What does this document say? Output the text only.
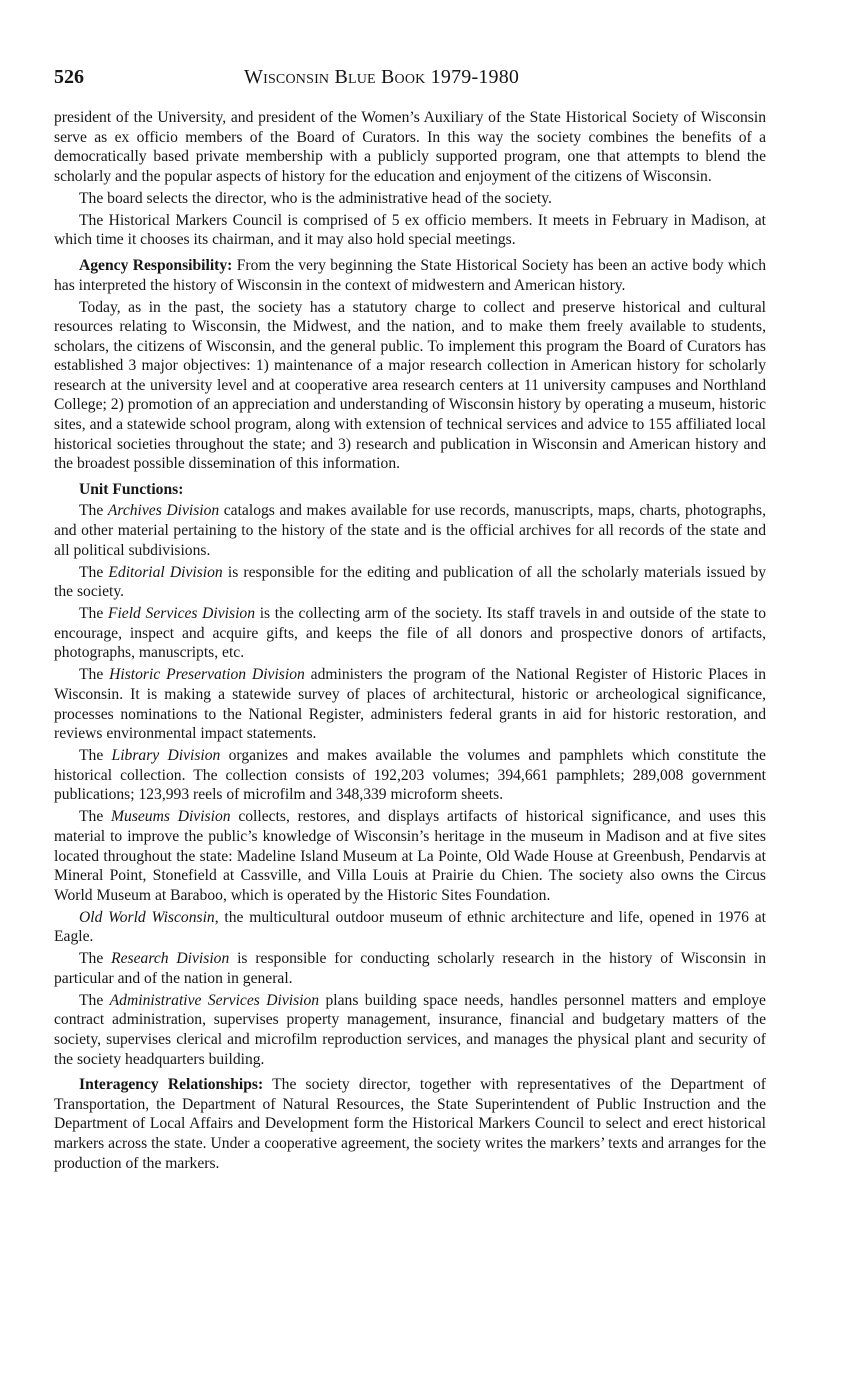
526	Wisconsin Blue Book 1979-1980

president of the University, and president of the Women’s Auxiliary of the State Historical Society of Wisconsin serve as ex officio members of the Board of Curators. In this way the society combines the benefits of a democratically based private membership with a publicly supported program, one that attempts to blend the scholarly and the popular aspects of history for the education and enjoyment of the citizens of Wisconsin.

The board selects the director, who is the administrative head of the society.

The Historical Markers Council is comprised of 5 ex officio members. It meets in February in Madison, at which time it chooses its chairman, and it may also hold special meetings.

Agency Responsibility: From the very beginning the State Historical Society has been an active body which has interpreted the history of Wisconsin in the context of midwestern and American history.

Today, as in the past, the society has a statutory charge to collect and preserve historical and cultural resources relating to Wisconsin, the Midwest, and the nation, and to make them freely available to students, scholars, the citizens of Wisconsin, and the general public. To implement this program the Board of Curators has established 3 major objectives: 1) maintenance of a major research collection in American history for scholarly research at the university level and at cooperative area research centers at 11 university campuses and Northland College; 2) promotion of an appreciation and understanding of Wisconsin history by operating a museum, historic sites, and a statewide school program, along with extension of technical services and advice to 155 affiliated local historical societies throughout the state; and 3) research and publication in Wisconsin and American history and the broadest possible dissemination of this information.

Unit Functions:

The Archives Division catalogs and makes available for use records, manuscripts, maps, charts, photographs, and other material pertaining to the history of the state and is the official archives for all records of the state and all political subdivisions.

The Editorial Division is responsible for the editing and publication of all the scholarly materials issued by the society.

The Field Services Division is the collecting arm of the society. Its staff travels in and outside of the state to encourage, inspect and acquire gifts, and keeps the file of all donors and prospective donors of artifacts, photographs, manuscripts, etc.

The Historic Preservation Division administers the program of the National Register of Historic Places in Wisconsin. It is making a statewide survey of places of architectural, historic or archeological significance, processes nominations to the National Register, administers federal grants in aid for historic restoration, and reviews environmental impact statements.

The Library Division organizes and makes available the volumes and pamphlets which constitute the historical collection. The collection consists of 192,203 volumes; 394,661 pamphlets; 289,008 government publications; 123,993 reels of microfilm and 348,339 microform sheets.

The Museums Division collects, restores, and displays artifacts of historical significance, and uses this material to improve the public’s knowledge of Wisconsin’s heritage in the museum in Madison and at five sites located throughout the state: Madeline Island Museum at La Pointe, Old Wade House at Greenbush, Pendarvis at Mineral Point, Stonefield at Cassville, and Villa Louis at Prairie du Chien. The society also owns the Circus World Museum at Baraboo, which is operated by the Historic Sites Foundation.

Old World Wisconsin, the multicultural outdoor museum of ethnic architecture and life, opened in 1976 at Eagle.

The Research Division is responsible for conducting scholarly research in the history of Wisconsin in particular and of the nation in general.

The Administrative Services Division plans building space needs, handles personnel matters and employe contract administration, supervises property management, insurance, financial and budgetary matters of the society, supervises clerical and microfilm reproduction services, and manages the physical plant and security of the society headquarters building.

Interagency Relationships: The society director, together with representatives of the Department of Transportation, the Department of Natural Resources, the State Superintendent of Public Instruction and the Department of Local Affairs and Development form the Historical Markers Council to select and erect historical markers across the state. Under a cooperative agreement, the society writes the markers’ texts and arranges for the production of the markers.
